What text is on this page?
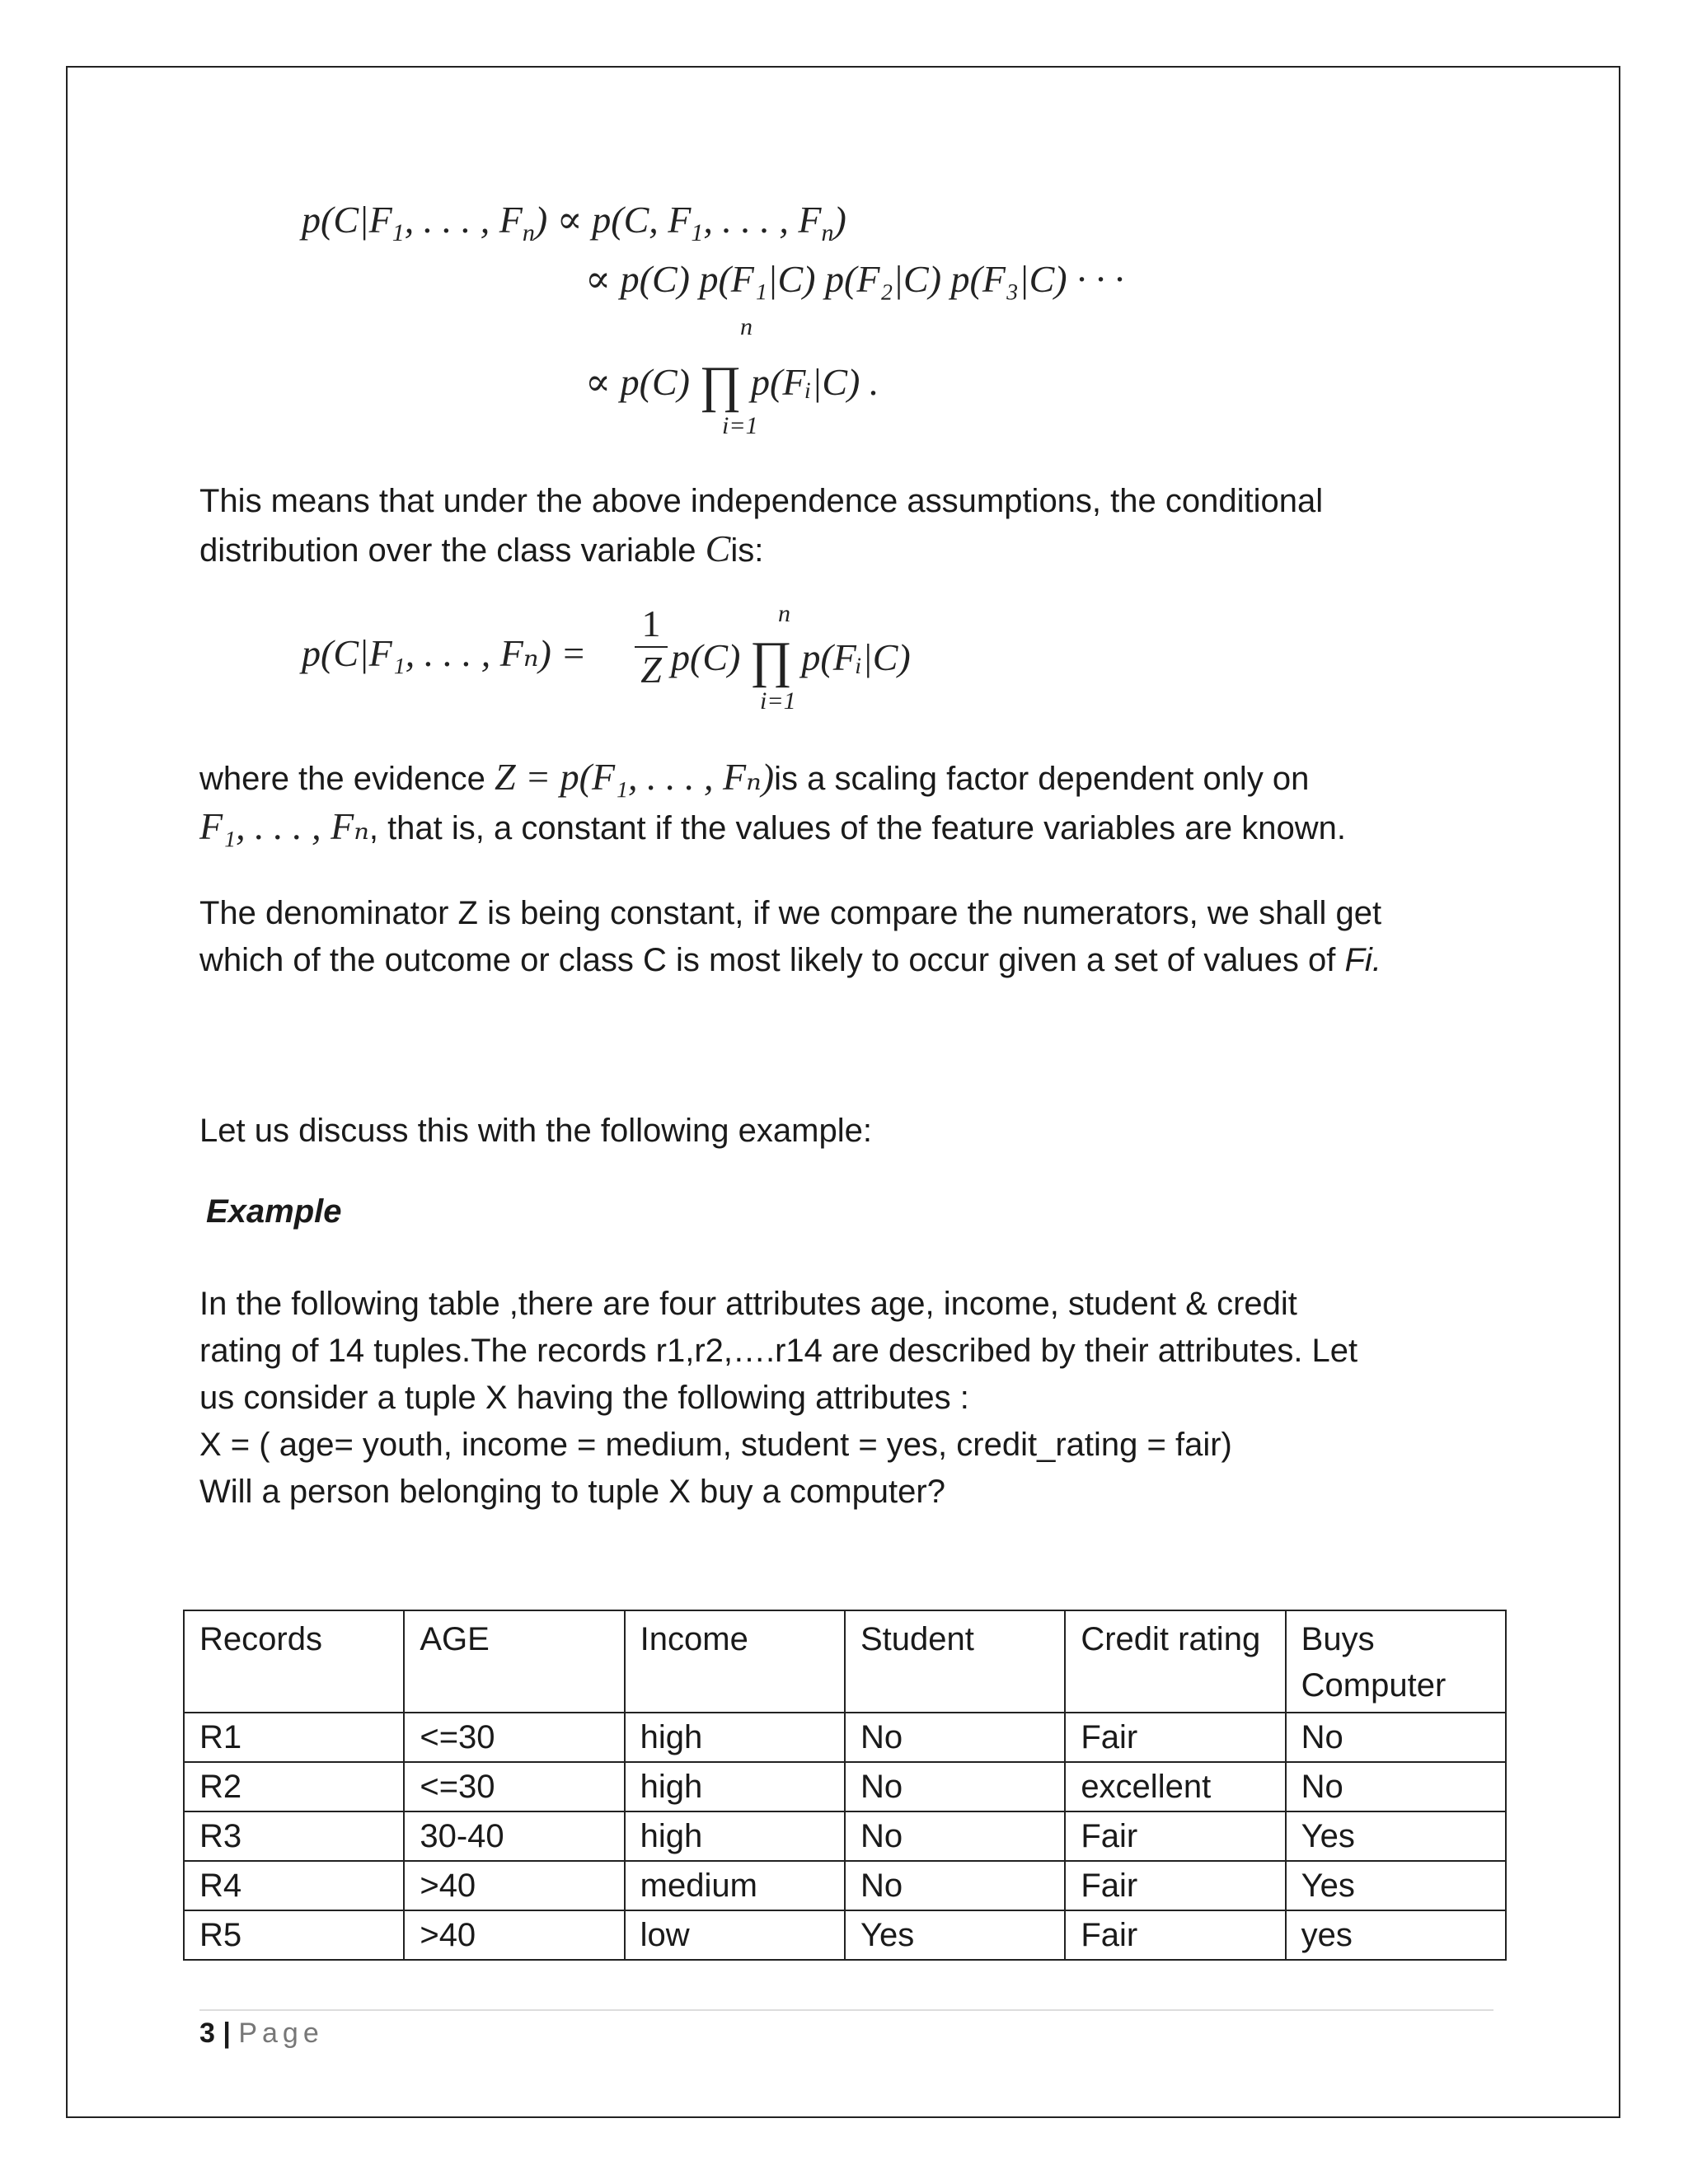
$p(C|F_1$, . . . , $F_n) \propto p(C$, $F_1$, . . . , $F_n$)
∝ p(C) p(F₁|C) p(F₂|C) p(F₃|C) · · ·
n
∝ p(C) ∏ p(Fᵢ|C) .
i=1

This means that under the above independence assumptions, the conditional

distribution over the class variable Cis:

n
p(C|F₁, . . . , Fₙ) =
1
Z p(C) ∏ p(Fᵢ|C)
i=1

where the evidence Z = p(F₁, . . . , Fₙ)is a scaling factor dependent only on

F₁, . . . , Fₙ, that is, a constant if the values of the feature variables are known.

The denominator Z is being constant, if we compare the numerators, we shall get

which of the outcome or class C is most likely to occur given a set of values of Fi.

Let us discuss this with the following example:

Example

In the following table ,there are four attributes age, income, student & credit

rating of 14 tuples.The records r1,r2,….r14 are described by their attributes. Let

us consider a tuple X having the following attributes :

X = ( age= youth, income = medium, student = yes, credit_rating = fair)

Will a person belonging to tuple X buy a computer?

Records	AGE	Income	Student	Credit rating	Buys Computer
R1	<=30	high	No	Fair	No
R2	<=30	high	No	excellent	No
R3	30-40	high	No	Fair	Yes
R4	>40	medium	No	Fair	Yes
R5	>40	low	Yes	Fair	yes
3 | Page
